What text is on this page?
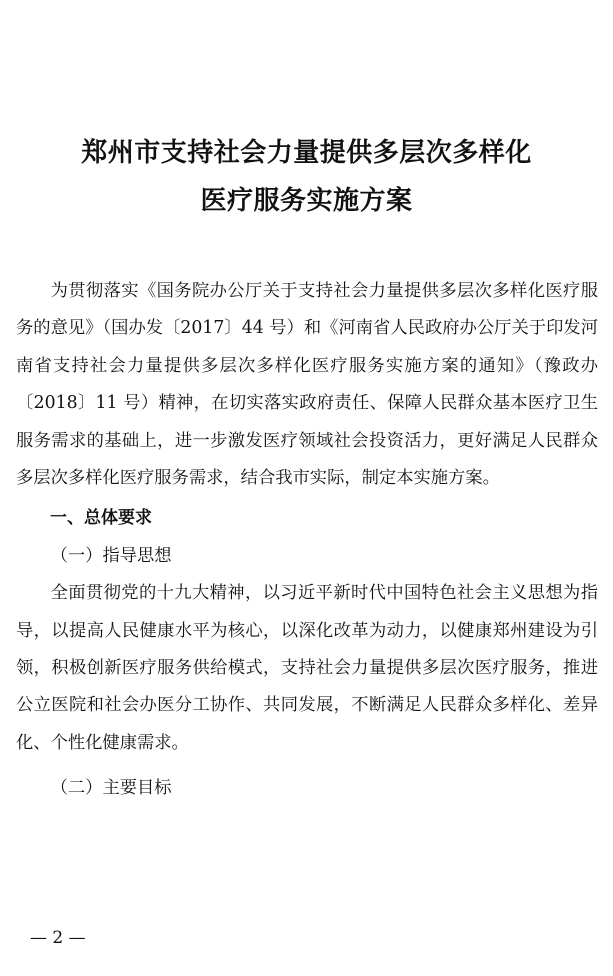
郑州市支持社会力量提供多层次多样化
医疗服务实施方案

为贯彻落实《国务院办公厅关于支持社会力量提供多层次多样化医疗服务的意见》（国办发〔2017〕44 号）和《河南省人民政府办公厅关于印发河南省支持社会力量提供多层次多样化医疗服务实施方案的通知》（豫政办〔2018〕11 号）精神，在切实落实政府责任、保障人民群众基本医疗卫生服务需求的基础上，进一步激发医疗领域社会投资活力，更好满足人民群众多层次多样化医疗服务需求，结合我市实际，制定本实施方案。

一、总体要求

（一）指导思想

全面贯彻党的十九大精神，以习近平新时代中国特色社会主义思想为指导，以提高人民健康水平为核心，以深化改革为动力，以健康郑州建设为引领，积极创新医疗服务供给模式，支持社会力量提供多层次医疗服务，推进公立医院和社会办医分工协作、共同发展，不断满足人民群众多样化、差异化、个性化健康需求。

（二）主要目标

— 2 —
